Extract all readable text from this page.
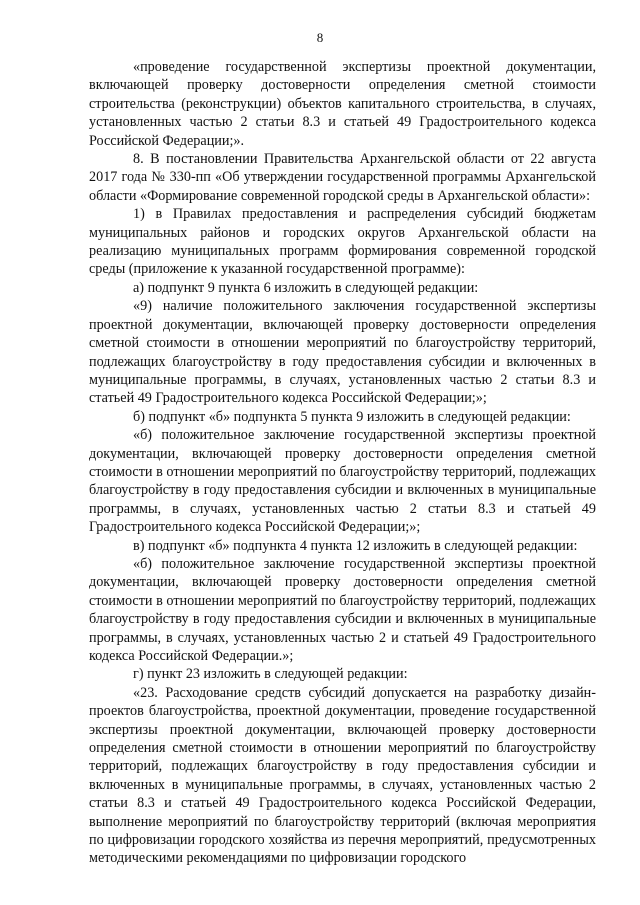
8

«проведение государственной экспертизы проектной документации, включающей проверку достоверности определения сметной стоимости строительства (реконструкции) объектов капитального строительства, в случаях, установленных частью 2 статьи 8.3 и статьей 49 Градостроительного кодекса Российской Федерации;».

8. В постановлении Правительства Архангельской области от 22 августа 2017 года № 330-пп «Об утверждении государственной программы Архангельской области «Формирование современной городской среды в Архангельской области»:

1) в Правилах предоставления и распределения субсидий бюджетам муниципальных районов и городских округов Архангельской области на реализацию муниципальных программ формирования современной городской среды (приложение к указанной государственной программе):

а) подпункт 9 пункта 6 изложить в следующей редакции:

«9) наличие положительного заключения государственной экспертизы проектной документации, включающей проверку достоверности определения сметной стоимости в отношении мероприятий по благоустройству территорий, подлежащих благоустройству в году предоставления субсидии и включенных в муниципальные программы, в случаях, установленных частью 2 статьи 8.3 и статьей 49 Градостроительного кодекса Российской Федерации;»;

б) подпункт «б» подпункта 5 пункта 9 изложить в следующей редакции:

«б) положительное заключение государственной экспертизы проектной документации, включающей проверку достоверности определения сметной стоимости в отношении мероприятий по благоустройству территорий, подлежащих благоустройству в году предоставления субсидии и включенных в муниципальные программы, в случаях, установленных частью 2 статьи 8.3 и статьей 49 Градостроительного кодекса Российской Федерации;»;

в) подпункт «б» подпункта 4 пункта 12 изложить в следующей редакции:

«б) положительное заключение государственной экспертизы проектной документации, включающей проверку достоверности определения сметной стоимости в отношении мероприятий по благоустройству территорий, подлежащих благоустройству в году предоставления субсидии и включенных в муниципальные программы, в случаях, установленных частью 2 и статьей 49 Градостроительного кодекса Российской Федерации.»;

г) пункт 23 изложить в следующей редакции:

«23. Расходование средств субсидий допускается на разработку дизайн-проектов благоустройства, проектной документации, проведение государственной экспертизы проектной документации, включающей проверку достоверности определения сметной стоимости в отношении мероприятий по благоустройству территорий, подлежащих благоустройству в году предоставления субсидии и включенных в муниципальные программы, в случаях, установленных частью 2 статьи 8.3 и статьей 49 Градостроительного кодекса Российской Федерации, выполнение мероприятий по благоустройству территорий (включая мероприятия по цифровизации городского хозяйства из перечня мероприятий, предусмотренных методическими рекомендациями по цифровизации городского
